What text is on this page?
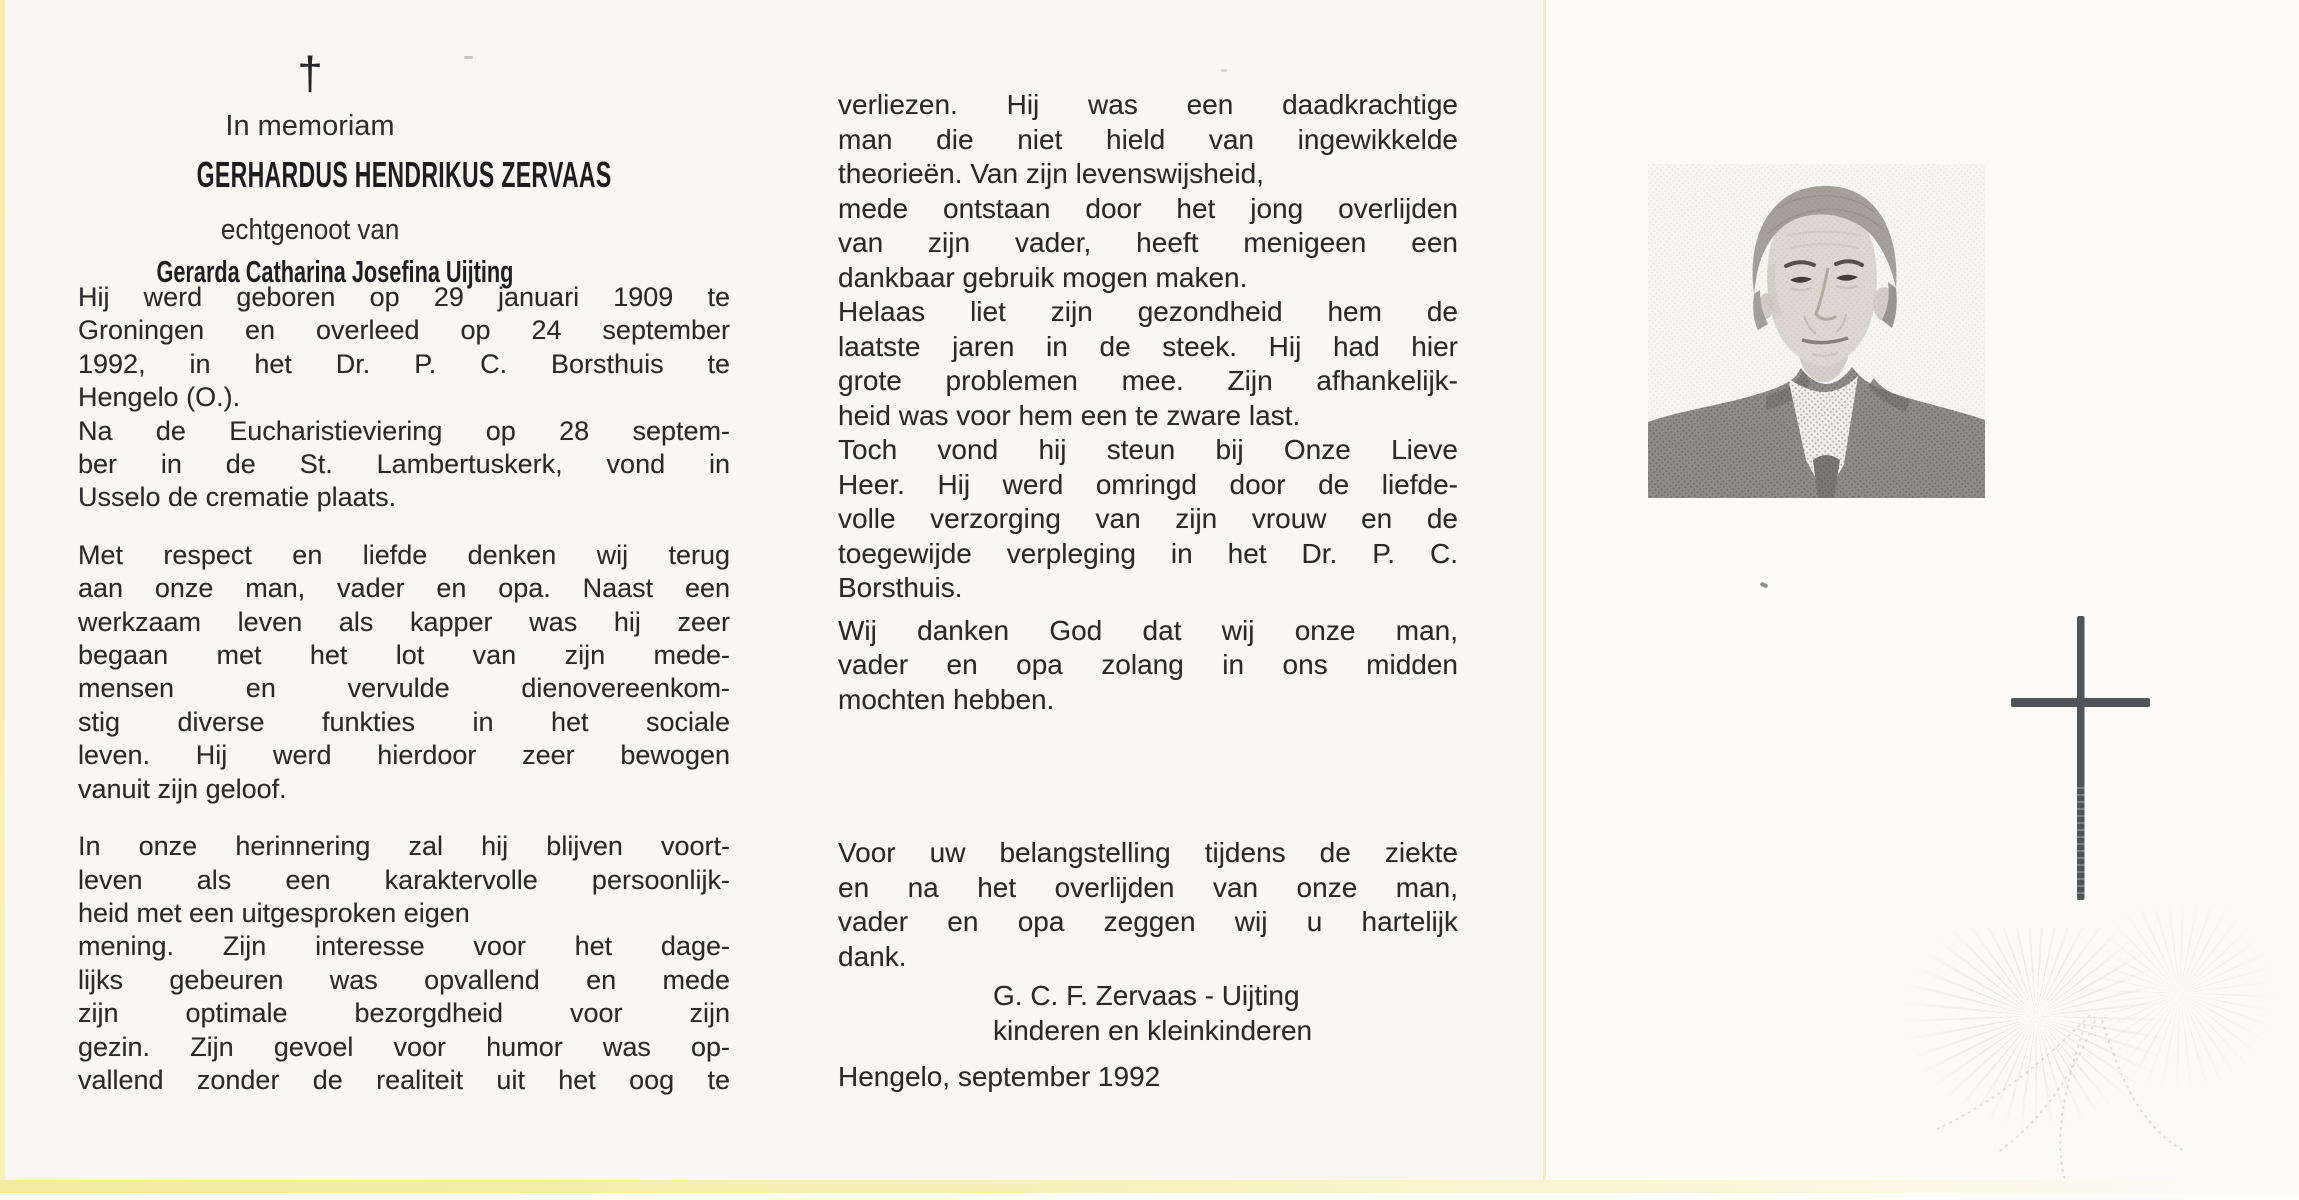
†
In memoriam
GERHARDUS HENDRIKUS ZERVAAS
echtgenoot van
Gerarda Catharina Josefina Uijting
Hij werd geboren op 29 januari 1909 te
Groningen en overleed op 24 september
1992, in het Dr. P. C. Borsthuis te
Hengelo (O.).
Na de Eucharistieviering op 28 septem-
ber in de St. Lambertuskerk, vond in
Usselo de crematie plaats.
Met respect en liefde denken wij terug
aan onze man, vader en opa. Naast een
werkzaam leven als kapper was hij zeer
begaan met het lot van zijn mede-
mensen en vervulde dienovereenkom-
stig diverse funkties in het sociale
leven. Hij werd hierdoor zeer bewogen
vanuit zijn geloof.
In onze herinnering zal hij blijven voort-
leven als een karaktervolle persoonlijk-
heid met een uitgesproken eigen
mening. Zijn interesse voor het dage-
lijks gebeuren was opvallend en mede
zijn optimale bezorgdheid voor zijn
gezin. Zijn gevoel voor humor was op-
vallend zonder de realiteit uit het oog te
verliezen. Hij was een daadkrachtige
man die niet hield van ingewikkelde
theorieën. Van zijn levenswijsheid,
mede ontstaan door het jong overlijden
van zijn vader, heeft menigeen een
dankbaar gebruik mogen maken.
Helaas liet zijn gezondheid hem de
laatste jaren in de steek. Hij had hier
grote problemen mee. Zijn afhankelijk-
heid was voor hem een te zware last.
Toch vond hij steun bij Onze Lieve
Heer. Hij werd omringd door de liefde-
volle verzorging van zijn vrouw en de
toegewijde verpleging in het Dr. P. C.
Borsthuis.
Wij danken God dat wij onze man,
vader en opa zolang in ons midden
mochten hebben.
Voor uw belangstelling tijdens de ziekte
en na het overlijden van onze man,
vader en opa zeggen wij u hartelijk
dank.
G. C. F. Zervaas - Uijting
kinderen en kleinkinderen
Hengelo, september 1992
